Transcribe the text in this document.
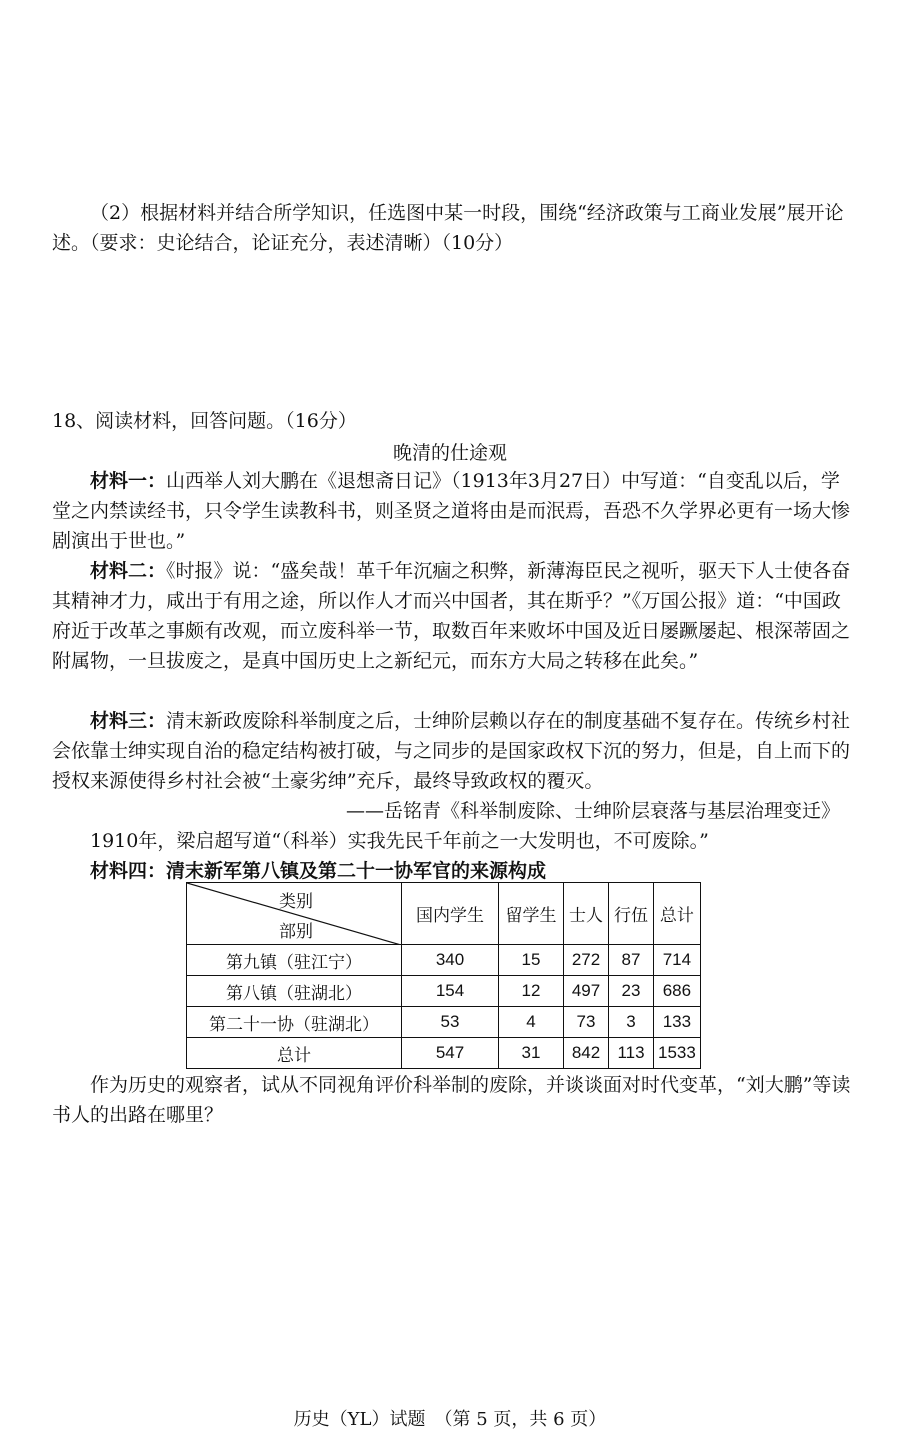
（2）根据材料并结合所学知识，任选图中某一时段，围绕“经济政策与工商业发展”展开论述。（要求：史论结合，论证充分，表述清晰）（10分）
18、阅读材料，回答问题。（16分）
晚清的仕途观
材料一：山西举人刘大鹏在《退想斋日记》（1913年3月27日）中写道：“自变乱以后，学堂之内禁读经书，只令学生读教科书，则圣贤之道将由是而泯焉，吾恐不久学界必更有一场大惨剧演出于世也。”
材料二：《时报》说：“盛矣哉！革千年沉痼之积弊，新薄海臣民之视听，驱天下人士使各奋其精神才力，咸出于有用之途，所以作人才而兴中国者，其在斯乎？”《万国公报》道：“中国政府近于改革之事颇有改观，而立废科举一节，取数百年来败坏中国及近日屡蹶屡起、根深蒂固之附属物，一旦拔废之，是真中国历史上之新纪元，而东方大局之转移在此矣。”
材料三：清末新政废除科举制度之后，士绅阶层赖以存在的制度基础不复存在。传统乡村社会依靠士绅实现自治的稳定结构被打破，与之同步的是国家政权下沉的努力，但是，自上而下的授权来源使得乡村社会被“土豪劣绅”充斥，最终导致政权的覆灭。
——岳铭青《科举制废除、士绅阶层衰落与基层治理变迁》
1910年，梁启超写道“（科举）实我先民千年前之一大发明也，不可废除。”
材料四：清末新军第八镇及第二十一协军官的来源构成
类别
部别	国内学生	留学生	士人	行伍	总计
第九镇（驻江宁）	340	15	272	87	714
第八镇（驻湖北）	154	12	497	23	686
第二十一协（驻湖北）	53	4	73	3	133
总计	547	31	842	113	1533
作为历史的观察者，试从不同视角评价科举制的废除，并谈谈面对时代变革，“刘大鹏”等读书人的出路在哪里？
历史（YL）试题　（第 5 页，共 6 页）
